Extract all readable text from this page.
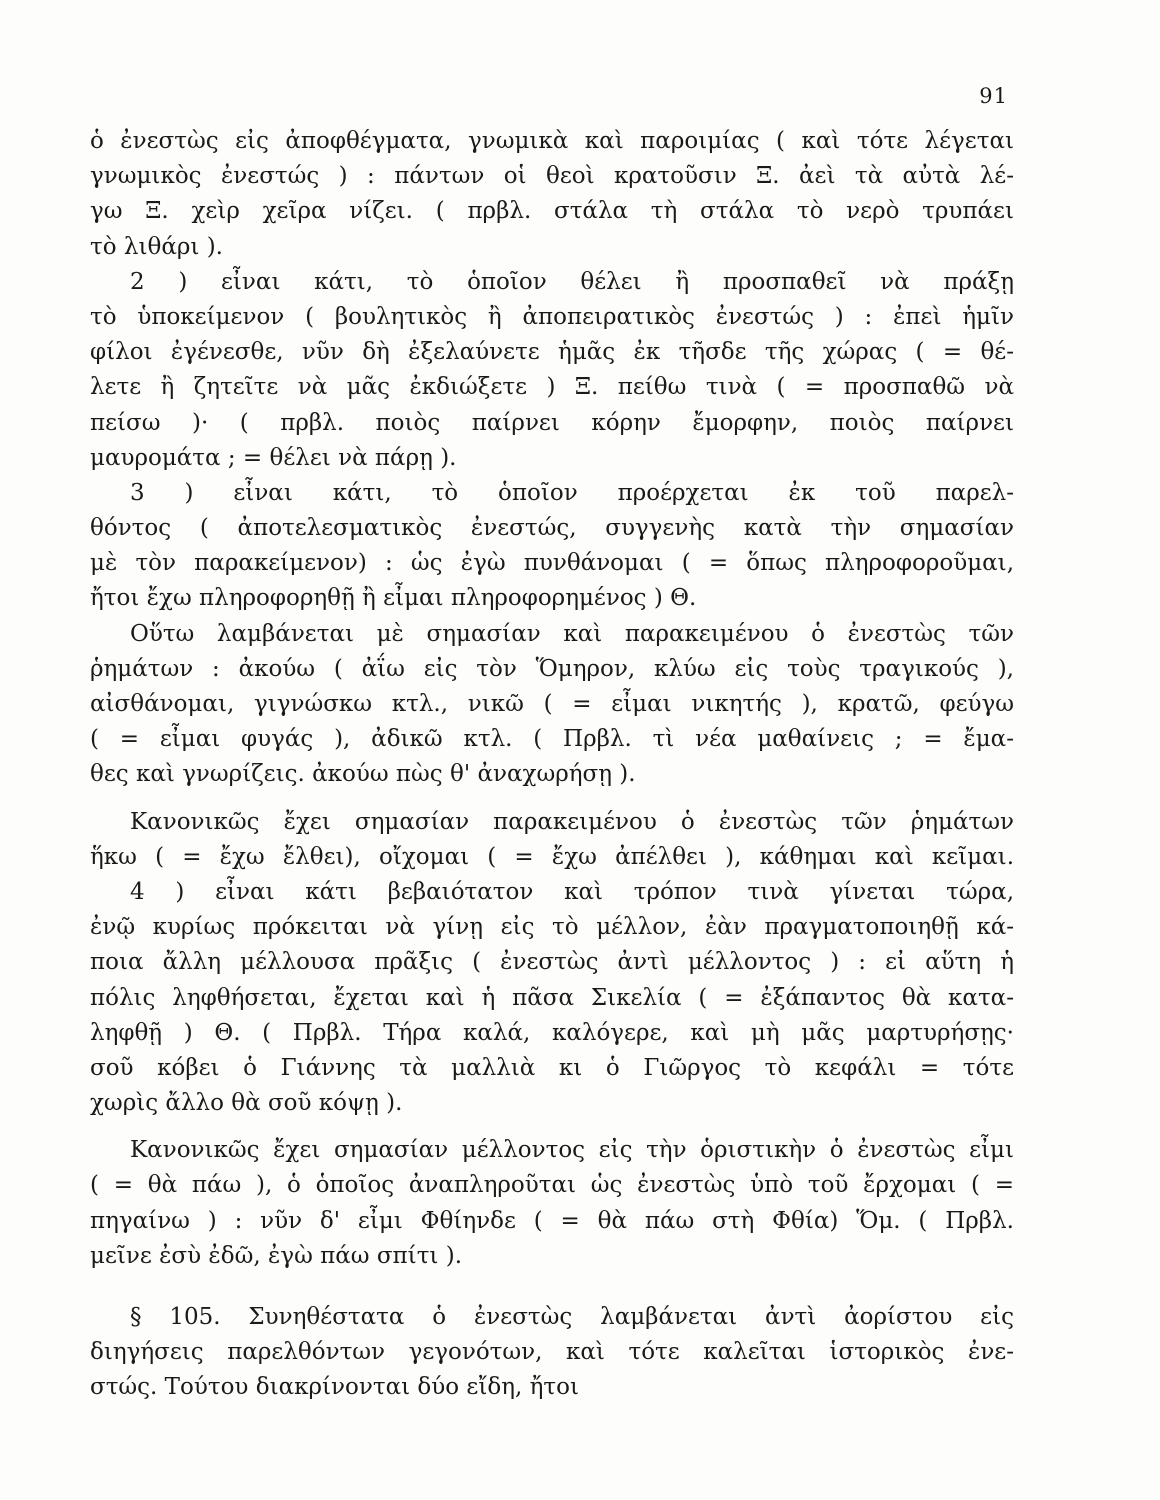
91
ὁ ἐνεστὼς εἰς ἀποφθέγματα, γνωμικὰ καὶ παροιμίας ( καὶ τότε λέγεται
γνωμικὸς ἐνεστώς ) : πάντων οἱ θεοὶ κρατοῦσιν Ξ. ἀεὶ τὰ αὐτὰ λέ-
γω Ξ. χεὶρ χεῖρα νίζει. ( πρβλ. στάλα τὴ στάλα τὸ νερὸ τρυπάει
τὸ λιθάρι ).
2 ) εἶναι κάτι, τὸ ὁποῖον θέλει ἢ προσπαθεῖ νὰ πράξῃ
τὸ ὑποκείμενον ( βουλητικὸς ἢ ἀποπειρατικὸς ἐνεστώς ) : ἐπεὶ ἡμῖν
φίλοι ἐγένεσθε, νῦν δὴ ἐξελαύνετε ἡμᾶς ἐκ τῆσδε τῆς χώρας ( = θέ-
λετε ἢ ζητεῖτε νὰ μᾶς ἐκδιώξετε ) Ξ. πείθω τινὰ ( = προσπαθῶ νὰ
πείσω )· ( πρβλ. ποιὸς παίρνει κόρην ἔμορφην, ποιὸς παίρνει
μαυρομάτα ; = θέλει νὰ πάρῃ ).
3 ) εἶναι κάτι, τὸ ὁποῖον προέρχεται ἐκ τοῦ παρελ-
θόντος ( ἀποτελεσματικὸς ἐνεστώς, συγγενὴς κατὰ τὴν σημασίαν
μὲ τὸν παρακείμενον) : ὡς ἐγὼ πυνθάνομαι ( = ὅπως πληροφοροῦμαι,
ἤτοι ἔχω πληροφορηθῇ ἢ εἶμαι πληροφορημένος ) Θ.
Οὕτω λαμβάνεται μὲ σημασίαν καὶ παρακειμένου ὁ ἐνεστὼς τῶν
ῥημάτων : ἀκούω ( ἀΐω εἰς τὸν Ὅμηρον, κλύω εἰς τοὺς τραγικούς ),
αἰσθάνομαι, γιγνώσκω κτλ., νικῶ ( = εἶμαι νικητής ), κρατῶ, φεύγω
( = εἶμαι φυγάς ), ἀδικῶ κτλ. ( Πρβλ. τὶ νέα μαθαίνεις ; = ἔμα-
θες καὶ γνωρίζεις. ἀκούω πὼς θ' ἀναχωρήσῃ ).
Κανονικῶς ἔχει σημασίαν παρακειμένου ὁ ἐνεστὼς τῶν ῥημάτων
ἥκω ( = ἔχω ἔλθει), οἴχομαι ( = ἔχω ἀπέλθει ), κάθημαι καὶ κεῖμαι.
4 ) εἶναι κάτι βεβαιότατον καὶ τρόπον τινὰ γίνεται τώρα,
ἐνῷ κυρίως πρόκειται νὰ γίνῃ εἰς τὸ μέλλον, ἐὰν πραγματοποιηθῇ κά-
ποια ἄλλη μέλλουσα πρᾶξις ( ἐνεστὼς ἀντὶ μέλλοντος ) : εἰ αὕτη ἡ
πόλις ληφθήσεται, ἔχεται καὶ ἡ πᾶσα Σικελία ( = ἐξάπαντος θὰ κατα-
ληφθῇ ) Θ. ( Πρβλ. Τήρα καλά, καλόγερε, καὶ μὴ μᾶς μαρτυρήσῃς·
σοῦ κόβει ὁ Γιάννης τὰ μαλλιὰ κι ὁ Γιῶργος τὸ κεφάλι = τότε
χωρὶς ἄλλο θὰ σοῦ κόψῃ ).
Κανονικῶς ἔχει σημασίαν μέλλοντος εἰς τὴν ὁριστικὴν ὁ ἐνεστὼς εἶμι
( = θὰ πάω ), ὁ ὁποῖος ἀναπληροῦται ὡς ἐνεστὼς ὑπὸ τοῦ ἔρχομαι ( =
πηγαίνω ) : νῦν δ' εἶμι Φθίηνδε ( = θὰ πάω στὴ Φθία) Ὅμ. ( Πρβλ.
μεῖνε ἐσὺ ἐδῶ, ἐγὼ πάω σπίτι ).
§ 105. Συνηθέστατα ὁ ἐνεστὼς λαμβάνεται ἀντὶ ἀορίστου εἰς
διηγήσεις παρελθόντων γεγονότων, καὶ τότε καλεῖται ἱστορικὸς ἐνε-
στώς. Τούτου διακρίνονται δύο εἴδη, ἤτοι
